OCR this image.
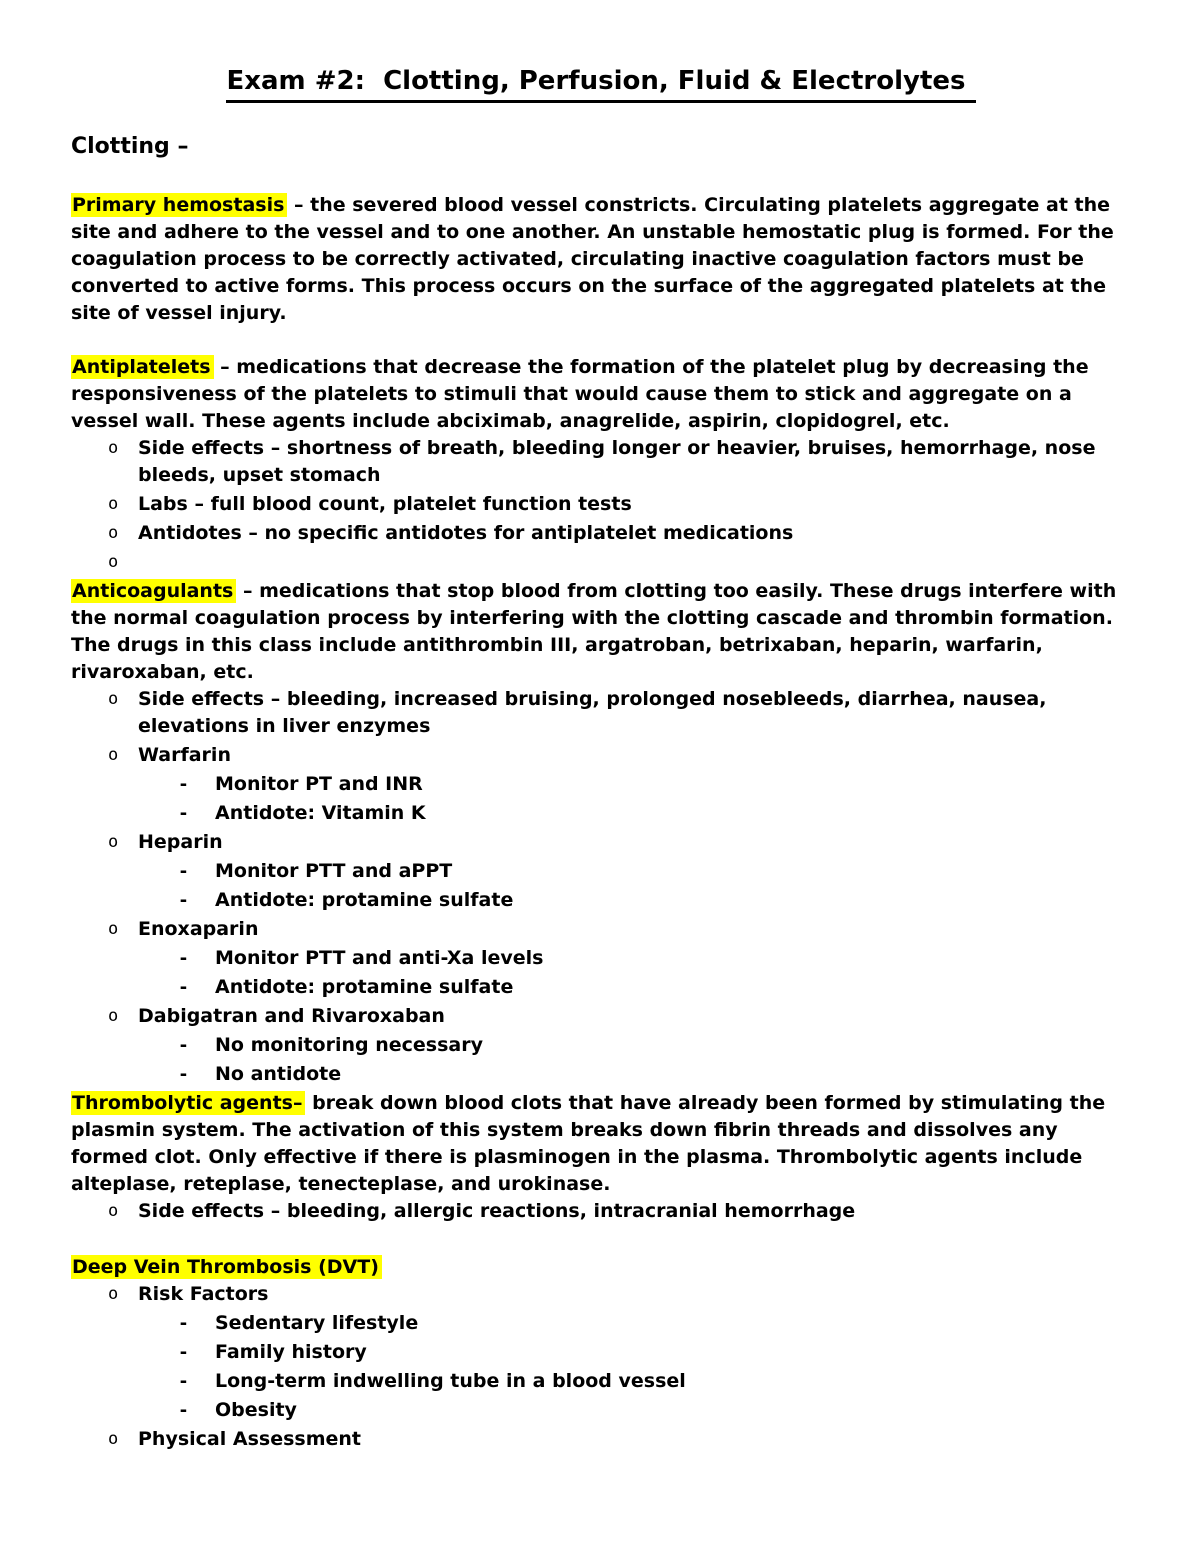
Exam #2:  Clotting, Perfusion, Fluid & Electrolytes
Clotting –

Primary hemostasis – the severed blood vessel constricts. Circulating platelets aggregate at the site and adhere to the vessel and to one another. An unstable hemostatic plug is formed. For the coagulation process to be correctly activated, circulating inactive coagulation factors must be converted to active forms. This process occurs on the surface of the aggregated platelets at the site of vessel injury.

Antiplatelets – medications that decrease the formation of the platelet plug by decreasing the responsiveness of the platelets to stimuli that would cause them to stick and aggregate on a vessel wall. These agents include abciximab, anagrelide, aspirin, clopidogrel, etc.

o Side effects – shortness of breath, bleeding longer or heavier, bruises, hemorrhage, nose bleeds, upset stomach
o Labs – full blood count, platelet function tests
o Antidotes – no specific antidotes for antiplatelet medications
o

Anticoagulants – medications that stop blood from clotting too easily. These drugs interfere with the normal coagulation process by interfering with the clotting cascade and thrombin formation. The drugs in this class include antithrombin III, argatroban, betrixaban, heparin, warfarin, rivaroxaban, etc.

o Side effects – bleeding, increased bruising, prolonged nosebleeds, diarrhea, nausea, elevations in liver enzymes
o Warfarin
- Monitor PT and INR
- Antidote: Vitamin K
o Heparin
- Monitor PTT and aPPT
- Antidote: protamine sulfate
o Enoxaparin
- Monitor PTT and anti-Xa levels
- Antidote: protamine sulfate
o Dabigatran and Rivaroxaban
- No monitoring necessary
- No antidote

Thrombolytic agents– break down blood clots that have already been formed by stimulating the plasmin system. The activation of this system breaks down fibrin threads and dissolves any formed clot. Only effective if there is plasminogen in the plasma. Thrombolytic agents include alteplase, reteplase, tenecteplase, and urokinase.

o Side effects – bleeding, allergic reactions, intracranial hemorrhage

Deep Vein Thrombosis (DVT)

o Risk Factors
- Sedentary lifestyle
- Family history
- Long-term indwelling tube in a blood vessel
- Obesity
o Physical Assessment
